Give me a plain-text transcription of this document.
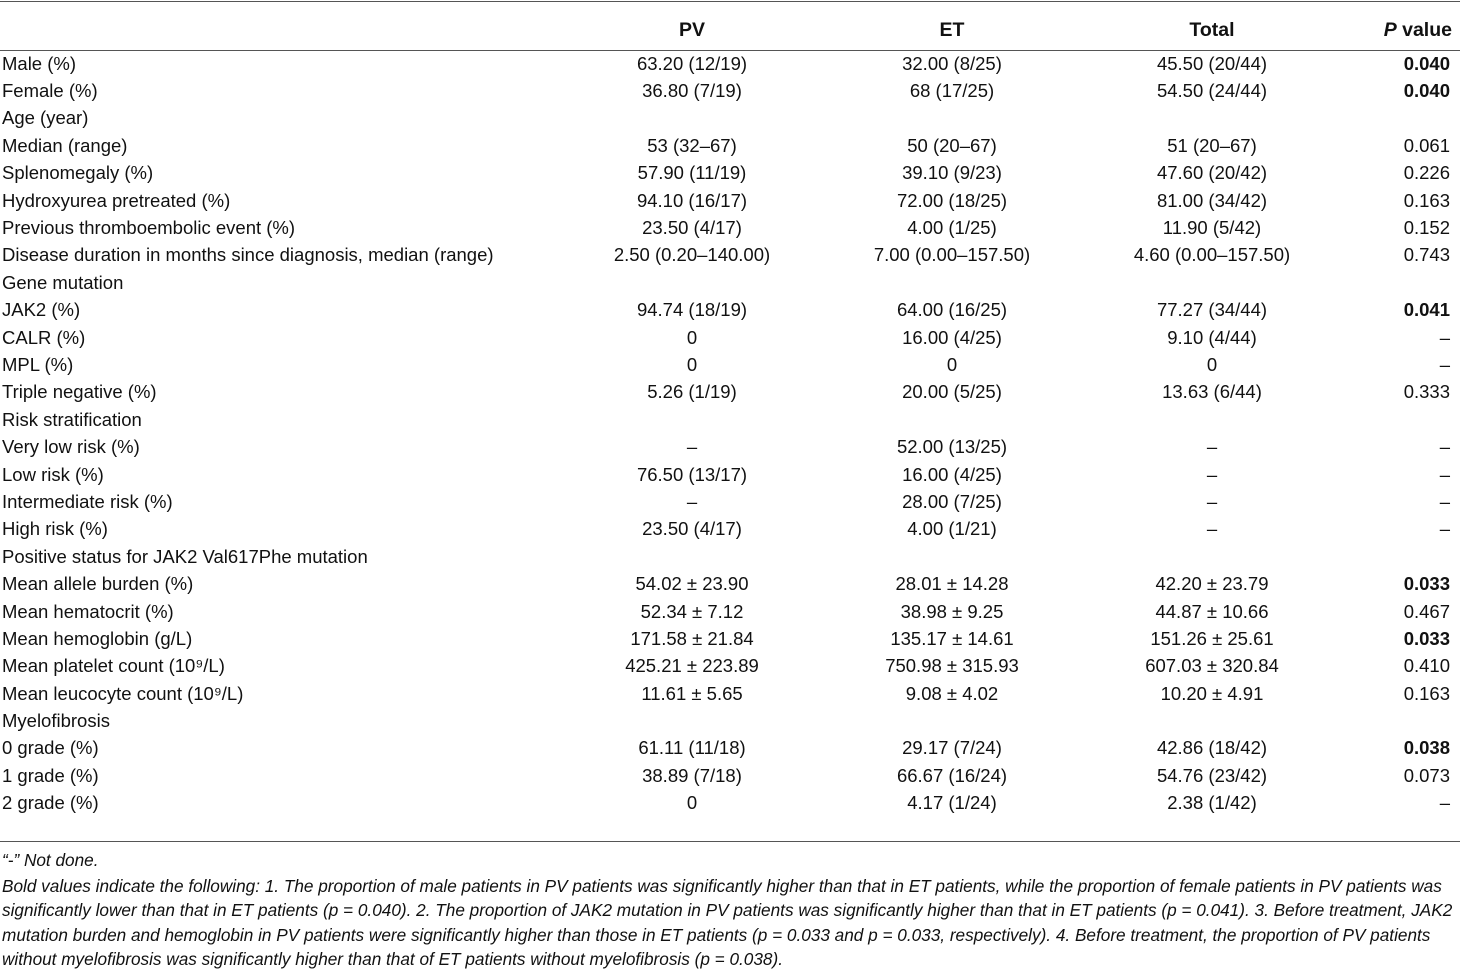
	PV	ET	Total	P value
Male (%)	63.20 (12/19)	32.00 (8/25)	45.50 (20/44)	0.040
Female (%)	36.80 (7/19)	68 (17/25)	54.50 (24/44)	0.040
Age (year)				
Median (range)	53 (32–67)	50 (20–67)	51 (20–67)	0.061
Splenomegaly (%)	57.90 (11/19)	39.10 (9/23)	47.60 (20/42)	0.226
Hydroxyurea pretreated (%)	94.10 (16/17)	72.00 (18/25)	81.00 (34/42)	0.163
Previous thromboembolic event (%)	23.50 (4/17)	4.00 (1/25)	11.90 (5/42)	0.152
Disease duration in months since diagnosis, median (range)	2.50 (0.20–140.00)	7.00 (0.00–157.50)	4.60 (0.00–157.50)	0.743
Gene mutation				
JAK2 (%)	94.74 (18/19)	64.00 (16/25)	77.27 (34/44)	0.041
CALR (%)	0	16.00 (4/25)	9.10 (4/44)	–
MPL (%)	0	0	0	–
Triple negative (%)	5.26 (1/19)	20.00 (5/25)	13.63 (6/44)	0.333
Risk stratification				
Very low risk (%)	–	52.00 (13/25)	–	–
Low risk (%)	76.50 (13/17)	16.00 (4/25)	–	–
Intermediate risk (%)	–	28.00 (7/25)	–	–
High risk (%)	23.50 (4/17)	4.00 (1/21)	–	–
Positive status for JAK2 Val617Phe mutation				
Mean allele burden (%)	54.02 ± 23.90	28.01 ± 14.28	42.20 ± 23.79	0.033
Mean hematocrit (%)	52.34 ± 7.12	38.98 ± 9.25	44.87 ± 10.66	0.467
Mean hemoglobin (g/L)	171.58 ± 21.84	135.17 ± 14.61	151.26 ± 25.61	0.033
Mean platelet count (10⁹/L)	425.21 ± 223.89	750.98 ± 315.93	607.03 ± 320.84	0.410
Mean leucocyte count (10⁹/L)	11.61 ± 5.65	9.08 ± 4.02	10.20 ± 4.91	0.163
Myelofibrosis				
0 grade (%)	61.11 (11/18)	29.17 (7/24)	42.86 (18/42)	0.038
1 grade (%)	38.89 (7/18)	66.67 (16/24)	54.76 (23/42)	0.073
2 grade (%)	0	4.17 (1/24)	2.38 (1/42)	–

“-” Not done.

Bold values indicate the following: 1. The proportion of male patients in PV patients was significantly higher than that in ET patients, while the proportion of female patients in PV patients was significantly lower than that in ET patients (p = 0.040). 2. The proportion of JAK2 mutation in PV patients was significantly higher than that in ET patients (p = 0.041). 3. Before treatment, JAK2 mutation burden and hemoglobin in PV patients were significantly higher than those in ET patients (p = 0.033 and p = 0.033, respectively). 4. Before treatment, the proportion of PV patients without myelofibrosis was significantly higher than that of ET patients without myelofibrosis (p = 0.038).
